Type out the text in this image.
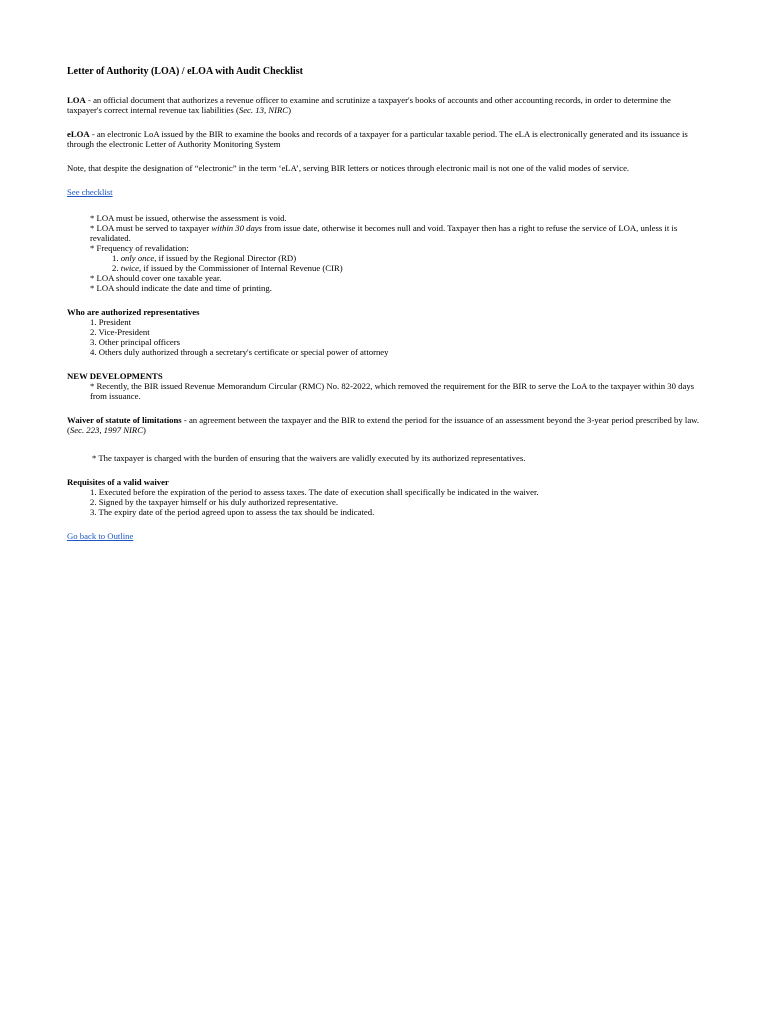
Letter of Authority (LOA) / eLOA with Audit Checklist

LOA - an official document that authorizes a revenue officer to examine and scrutinize a taxpayer's books of accounts and other accounting records, in order to determine the taxpayer's correct internal revenue tax liabilities (Sec. 13, NIRC)

eLOA - an electronic LoA issued by the BIR to examine the books and records of a taxpayer for a particular taxable period. The eLA is electronically generated and its issuance is through the electronic Letter of Authority Monitoring System

Note, that despite the designation of “electronic” in the term ‘eLA’, serving BIR letters or notices through electronic mail is not one of the valid modes of service.

See checklist

* LOA must be issued, otherwise the assessment is void.

* LOA must be served to taxpayer within 30 days from issue date, otherwise it becomes null and void. Taxpayer then has a right to refuse the service of LOA, unless it is revalidated.

* Frequency of revalidation:

1. only once, if issued by the Regional Director (RD)

2. twice, if issued by the Commissioner of Internal Revenue (CIR)

* LOA should cover one taxable year.

* LOA should indicate the date and time of printing.

Who are authorized representatives

1. President

2. Vice-President

3. Other principal officers

4. Others duly authorized through a secretary's certificate or special power of attorney

NEW DEVELOPMENTS

* Recently, the BIR issued Revenue Memorandum Circular (RMC) No. 82-2022, which removed the requirement for the BIR to serve the LoA to the taxpayer within 30 days from issuance.

Waiver of statute of limitations - an agreement between the taxpayer and the BIR to extend the period for the issuance of an assessment beyond the 3-year period prescribed by law. (Sec. 223, 1997 NIRC)

* The taxpayer is charged with the burden of ensuring that the waivers are validly executed by its authorized representatives.

Requisites of a valid waiver

1. Executed before the expiration of the period to assess taxes. The date of execution shall specifically be indicated in the waiver.

2. Signed by the taxpayer himself or his duly authorized representative.

3. The expiry date of the period agreed upon to assess the tax should be indicated.

Go back to Outline
